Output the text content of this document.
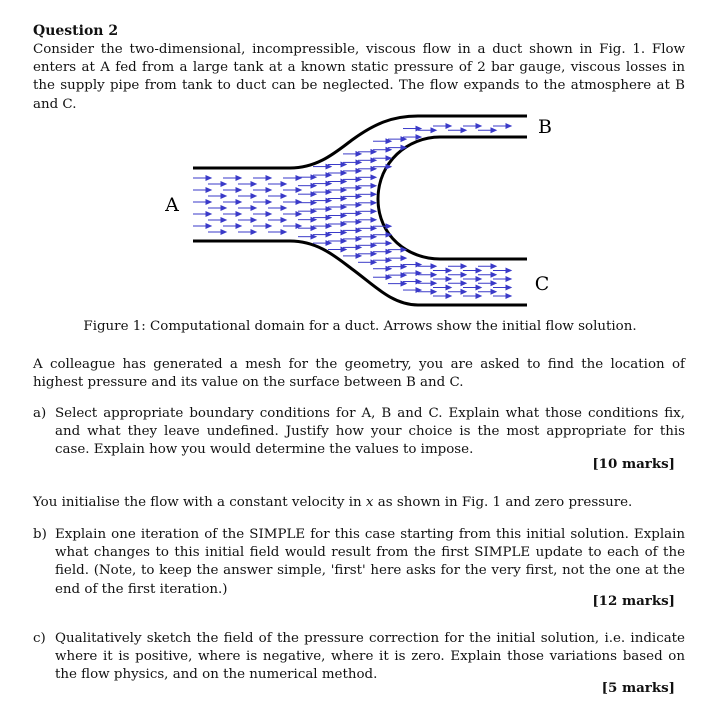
Question 2
Consider the two-dimensional, incompressible, viscous flow in a duct shown in Fig. 1. Flow enters at A fed from a large tank at a known static pressure of 2 bar gauge, viscous losses in the supply pipe from tank to duct can be neglected. The flow expands to the atmosphere at B and C.
A
B
C
Figure 1: Computational domain for a duct. Arrows show the initial flow solution.
A colleague has generated a mesh for the geometry, you are asked to find the location of highest pressure and its value on the surface between B and C.
a) Select appropriate boundary conditions for A, B and C. Explain what those conditions fix, and what they leave undefined. Justify how your choice is the most appropriate for this case. Explain how you would determine the values to impose.
[10 marks]
You initialise the flow with a constant velocity in x as shown in Fig. 1 and zero pressure.
b) Explain one iteration of the SIMPLE for this case starting from this initial solution. Explain what changes to this initial field would result from the first SIMPLE update to each of the field. (Note, to keep the answer simple, 'first' here asks for the very first, not the one at the end of the first iteration.)
[12 marks]
c) Qualitatively sketch the field of the pressure correction for the initial solution, i.e. indicate where it is positive, where is negative, where it is zero. Explain those variations based on the flow physics, and on the numerical method.
[5 marks]
